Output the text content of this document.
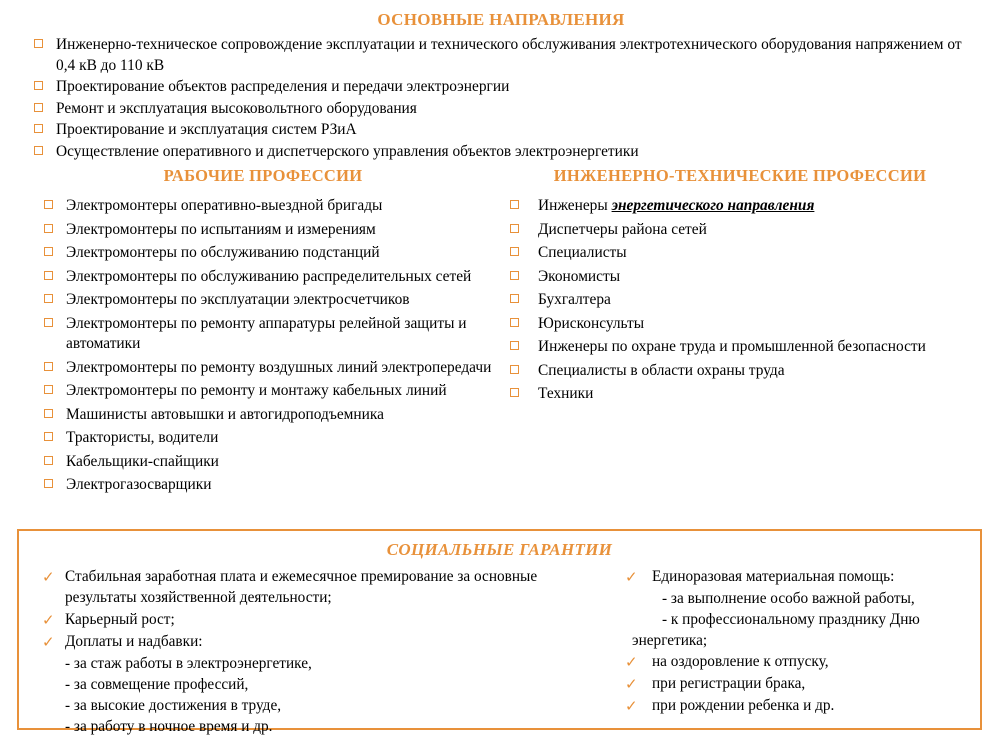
ОСНОВНЫЕ НАПРАВЛЕНИЯ
Инженерно-техническое сопровождение эксплуатации и технического обслуживания электротехнического оборудования напряжением от 0,4 кВ до 110 кВ
Проектирование объектов распределения и передачи электроэнергии
Ремонт и эксплуатация высоковольтного оборудования
Проектирование и эксплуатация систем РЗиА
Осуществление оперативного и диспетчерского управления объектов электроэнергетики
РАБОЧИЕ ПРОФЕССИИ
Электромонтеры оперативно-выездной бригады
Электромонтеры по испытаниям и измерениям
Электромонтеры по обслуживанию подстанций
Электромонтеры по обслуживанию распределительных сетей
Электромонтеры по эксплуатации электросчетчиков
Электромонтеры по ремонту аппаратуры релейной защиты и автоматики
Электромонтеры по ремонту воздушных линий электропередачи
Электромонтеры по ремонту и монтажу кабельных линий
Машинисты автовышки и автогидроподъемника
Трактористы, водители
Кабельщики-спайщики
Электрогазосварщики
ИНЖЕНЕРНО-ТЕХНИЧЕСКИЕ ПРОФЕССИИ
Инженеры энергетического направления
Диспетчеры района сетей
Специалисты
Экономисты
Бухгалтера
Юрисконсульты
Инженеры по охране труда и промышленной безопасности
Специалисты в области охраны труда
Техники
СОЦИАЛЬНЫЕ ГАРАНТИИ
✓ Стабильная заработная плата и ежемесячное премирование за основные результаты хозяйственной деятельности;
✓ Карьерный рост;
✓ Доплаты и надбавки:
- за стаж работы в электроэнергетике,
- за совмещение профессий,
- за высокие достижения в труде,
- за работу в ночное время и др.
✓ Единоразовая материальная помощь:
- за выполнение особо важной работы,
- к профессиональному празднику Дню
энергетика;
✓ на оздоровление к отпуску,
✓ при регистрации брака,
✓ при рождении ребенка и др.
